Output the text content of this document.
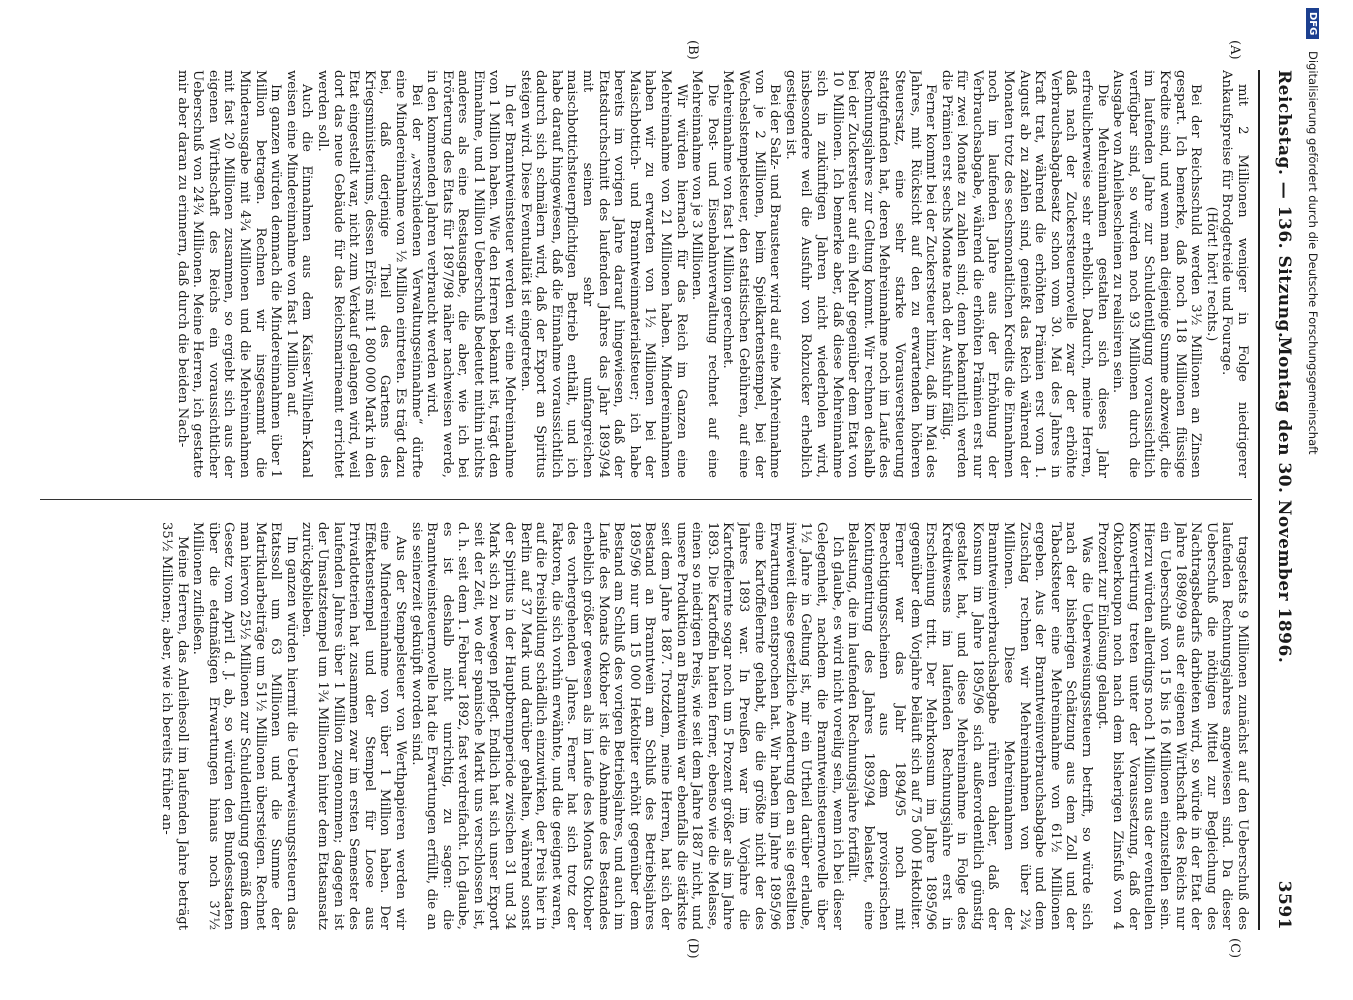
Reichstag. — 136. Sitzung.
Montag den 30. November 1896.
3591
(A)
(B)
(C)
(D)

mit 2 Millionen weniger in Folge niedrigerer Ankaufspreise für Brodgetreide und Fourage.

(Hört! hört! rechts.)

Bei der Reichsschuld werden 3½ Millionen an Zinsen gespart. Ich bemerke, daß noch 118 Millionen flüssige Kredite sind, und wenn man diejenige Summe abzweigt, die im laufenden Jahre zur Schuldentilgung voraussichtlich verfügbar sind, so würden noch 93 Millionen durch die Ausgabe von Anleihescheinen zu realisiren sein.

Die Mehreinnahmen gestalten sich dieses Jahr erfreulicherweise sehr erheblich. Dadurch, meine Herren, daß nach der Zuckersteuernovelle zwar der erhöhte Verbrauchsabgabesatz schon vom 30. Mai des Jahres in Kraft trat, während die erhöhten Prämien erst vom 1. August ab zu zahlen sind, genießt das Reich während der Monaten trotz des sechsmonatlichen Kredits die Einnahmen noch im laufenden Jahre aus der Erhöhung der Verbrauchsabgabe, während die erhöhten Prämien erst nur für zwei Monate zu zahlen sind; denn bekanntlich werden die Prämien erst sechs Monate nach der Ausfuhr fällig.

Ferner kommt bei der Zuckersteuer hinzu, daß im Mai des Jahres, mit Rücksicht auf den zu erwartenden höheren Steuersatz, eine sehr starke Vorausversteuerung stattgefunden hat, deren Mehreinnahme noch im Laufe des Rechnungsjahres zur Geltung kommt. Wir rechnen deshalb bei der Zuckersteuer auf ein Mehr gegenüber dem Etat von 10 Millionen. Ich bemerke aber, daß diese Mehreinnahme sich in zukünftigen Jahren nicht wiederholen wird, insbesondere weil die Ausfuhr von Rohzucker erheblich gestiegen ist.

Bei der Salz- und Brausteuer wird auf eine Mehreinnahme von je 2 Millionen, beim Spielkartenstempel, bei der Wechselstempelsteuer, den statistischen Gebühren, auf eine Mehreinnahme von fast 1 Million gerechnet.

Die Post- und Eisenbahnverwaltung rechnet auf eine Mehreinnahme von je 3 Millionen.

Wir würden hiernach für das Reich im Ganzen eine Mehreinnahme von 21 Millionen haben. Mindereinnahmen haben wir zu erwarten von 1½ Millionen bei der Maischbottich- und Branntweinmaterialsteuer; ich habe bereits im vorigen Jahre darauf hingewiesen, daß der Etatsdurchschnitt des laufenden Jahres das Jahr 1893/94 mit seinen sehr umfangreichen maischbottichsteuerpflichtigen Betrieb enthält, und ich habe darauf hingewiesen, daß die Einnahme voraussichtlich dadurch sich schmälern wird, daß der Export an Spiritus steigen wird. Diese Eventualität ist eingetreten.

In der Branntweinsteuer werden wir eine Mehreinnahme von 1 Million haben. Wie den Herren bekannt ist, trägt den Einnahme, und 1 Million Ueberschuß bedeutet mithin nichts anderes als eine Restausgabe, die aber, wie ich bei Erörterung des Etats für 1897/98 näher nachweisen werde, in den kommenden Jahren verbraucht werden wird.

Bei der „verschiedenen Verwaltungseinnahme“ dürfte eine Mindereinnahme von ½ Million eintreten. Es trägt dazu bei, daß derjenige Theil des Gartens des Kriegsministeriums, dessen Erlös mit 1 800 000 Mark in den Etat eingestellt war, nicht zum Verkauf gelangen wird, weil dort das neue Gebäude für das Reichsmarineamt errichtet werden soll.

Auch die Einnahmen aus dem Kaiser-Wilhelm-Kanal weisen eine Mindereinnahme von fast 1 Million auf.

Im ganzen würden demnach die Mindereinnahmen über 1 Million betragen. Rechnen wir insgesammt die Minderausgabe mit 4¾ Millionen und die Mehreinnahmen mit fast 20 Millionen zusammen, so ergiebt sich aus der eigenen Wirthschaft des Reichs ein voraussichtlicher Ueberschuß von 24¾ Millionen. Meine Herren, ich gestatte mir aber daran zu erinnern, daß durch die beiden Nach-

tragsetats 9 Millionen zunächst auf den Ueberschuß des laufenden Rechnungsjahres angewiesen sind. Da dieser Ueberschuß die nöthigen Mittel zur Begleichung des Nachtragsbedarfs darbieten wird, so würde in der Etat der Jahre 1898/99 aus der eigenen Wirthschaft des Reichs nur ein Ueberschuß von 15 bis 16 Millionen einzustellen sein. Hierzu würden allerdings noch 1 Million aus der eventuellen Konvertirung treten unter der Voraussetzung, daß der Oktoberkoupon noch nach dem bisherigen Zinsfuß von 4 Prozent zur Einlösung gelangt.

Was die Ueberweisungssteuern betrifft, so würde sich nach der bisherigen Schätzung aus dem Zoll und der Tabacksteuer eine Mehreinnahme von 61½ Millionen ergeben. Aus der Branntweinverbrauchsabgabe und dem Zuschlag rechnen wir Mehreinnahmen von über 2¾ Millionen. Diese Mehreinnahmen der Branntweinverbrauchsabgabe rühren daher, daß der Konsum im Jahre 1895/96 sich außerordentlich günstig gestaltet hat, und diese Mehreinnahme in Folge des Kreditwesens im laufenden Rechnungsjahre erst in Erscheinung tritt. Der Mehrkonsum im Jahre 1895/96 gegenüber dem Vorjahre beläuft sich auf 75 000 Hektoliter. Ferner war das Jahr 1894/95 noch mit Berechtigungsscheinen aus dem provisorischen Kontingentirung des Jahres 1893/94 belastet, eine Belastung, die im laufenden Rechnungsjahre fortfällt.

Ich glaube, es wird nicht voreilig sein, wenn ich bei dieser Gelegenheit, nachdem die Branntweinsteuernovelle über 1½ Jahre in Geltung ist, mir ein Urtheil darüber erlaube, inwieweit diese gesetzliche Aenderung den an sie gestellten Erwartungen entsprochen hat. Wir haben im Jahre 1895/96 eine Kartoffelernte gehabt, die die größte nicht der des Jahres 1893 war. In Preußen war im Vorjahre die Kartoffelernte sogar noch um 5 Prozent größer als im Jahre 1893. Die Kartoffeln hatten ferner, ebenso wie die Melasse, einen so niedrigen Preis, wie seit dem Jahre 1887 nicht, und unsere Produktion an Branntwein war ebenfalls die stärkste seit dem Jahre 1887. Trotzdem, meine Herren, hat sich der Bestand an Branntwein am Schluß des Betriebsjahres 1895/96 nur um 15 000 Hektoliter erhöht gegenüber dem Bestand am Schluß des vorigen Betriebsjahres, und auch im Laufe des Monats Oktober ist die Abnahme des Bestandes erheblich größer gewesen als im Laufe des Monats Oktober des vorhergehenden Jahres. Ferner hat sich trotz der Faktoren, die sich vorhin erwähnte, und die geeignet waren, auf die Preisbildung schädlich einzuwirken, der Preis hier in Berlin auf 37 Mark und darüber gehalten, während sonst der Spiritus in der Hauptbrennperiode zwischen 31 und 34 Mark sich zu bewegen pflegt. Endlich hat sich unser Export seit der Zeit, wo der spanische Markt uns verschlossen ist, d. h. seit dem 1. Februar 1892, fast verdreifacht. Ich glaube, es ist deshalb nicht unrichtig, zu sagen: die Branntweinsteuernovelle hat die Erwartungen erfüllt, die an sie seinerzeit geknüpft worden sind.

Aus der Stempelsteuer von Werthpapieren werden wir eine Mindereinnahme von über 1 Million haben. Der Effektenstempel und der Stempel für Loose aus Privatlotterien hat zusammen zwar im ersten Semester des laufenden Jahres über 1 Million zugenommen; dagegen ist der Umsatzstempel um 1¾ Millionen hinter dem Etatsansatz zurückgeblieben.

Im ganzen würden hiermit die Ueberweisungssteuern das Etatssoll um 63 Millionen und die Summe der Matrikularbeiträge um 51½ Millionen übersteigen. Rechnet man hiervon 25½ Millionen zur Schuldentilgung gemäß dem Gesetz vom April d. J. ab, so würden den Bundesstaaten über die etatmäßigen Erwartungen hinaus noch 37½ Millionen zufließen.

Meine Herren, das Anleihesoll im laufenden Jahre beträgt 35½ Millionen; aber, wie ich bereits früher an-

DFG Digitalisierung gefördert durch die Deutsche Forschungsgemeinschaft
